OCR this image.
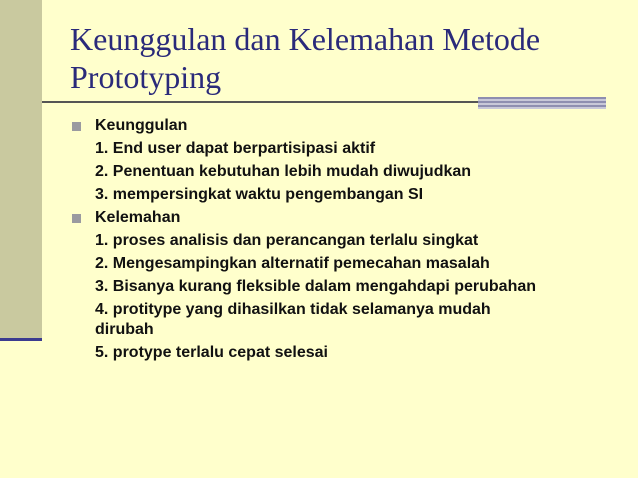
Keunggulan dan Kelemahan Metode Prototyping
Keunggulan
1. End user dapat berpartisipasi aktif
2. Penentuan kebutuhan lebih mudah diwujudkan
3. mempersingkat waktu pengembangan SI
Kelemahan
1. proses analisis dan perancangan terlalu singkat
2. Mengesampingkan alternatif pemecahan masalah
3. Bisanya kurang fleksible dalam mengahdapi perubahan
4. protitype yang dihasilkan tidak selamanya mudah dirubah
5. protype terlalu cepat selesai
